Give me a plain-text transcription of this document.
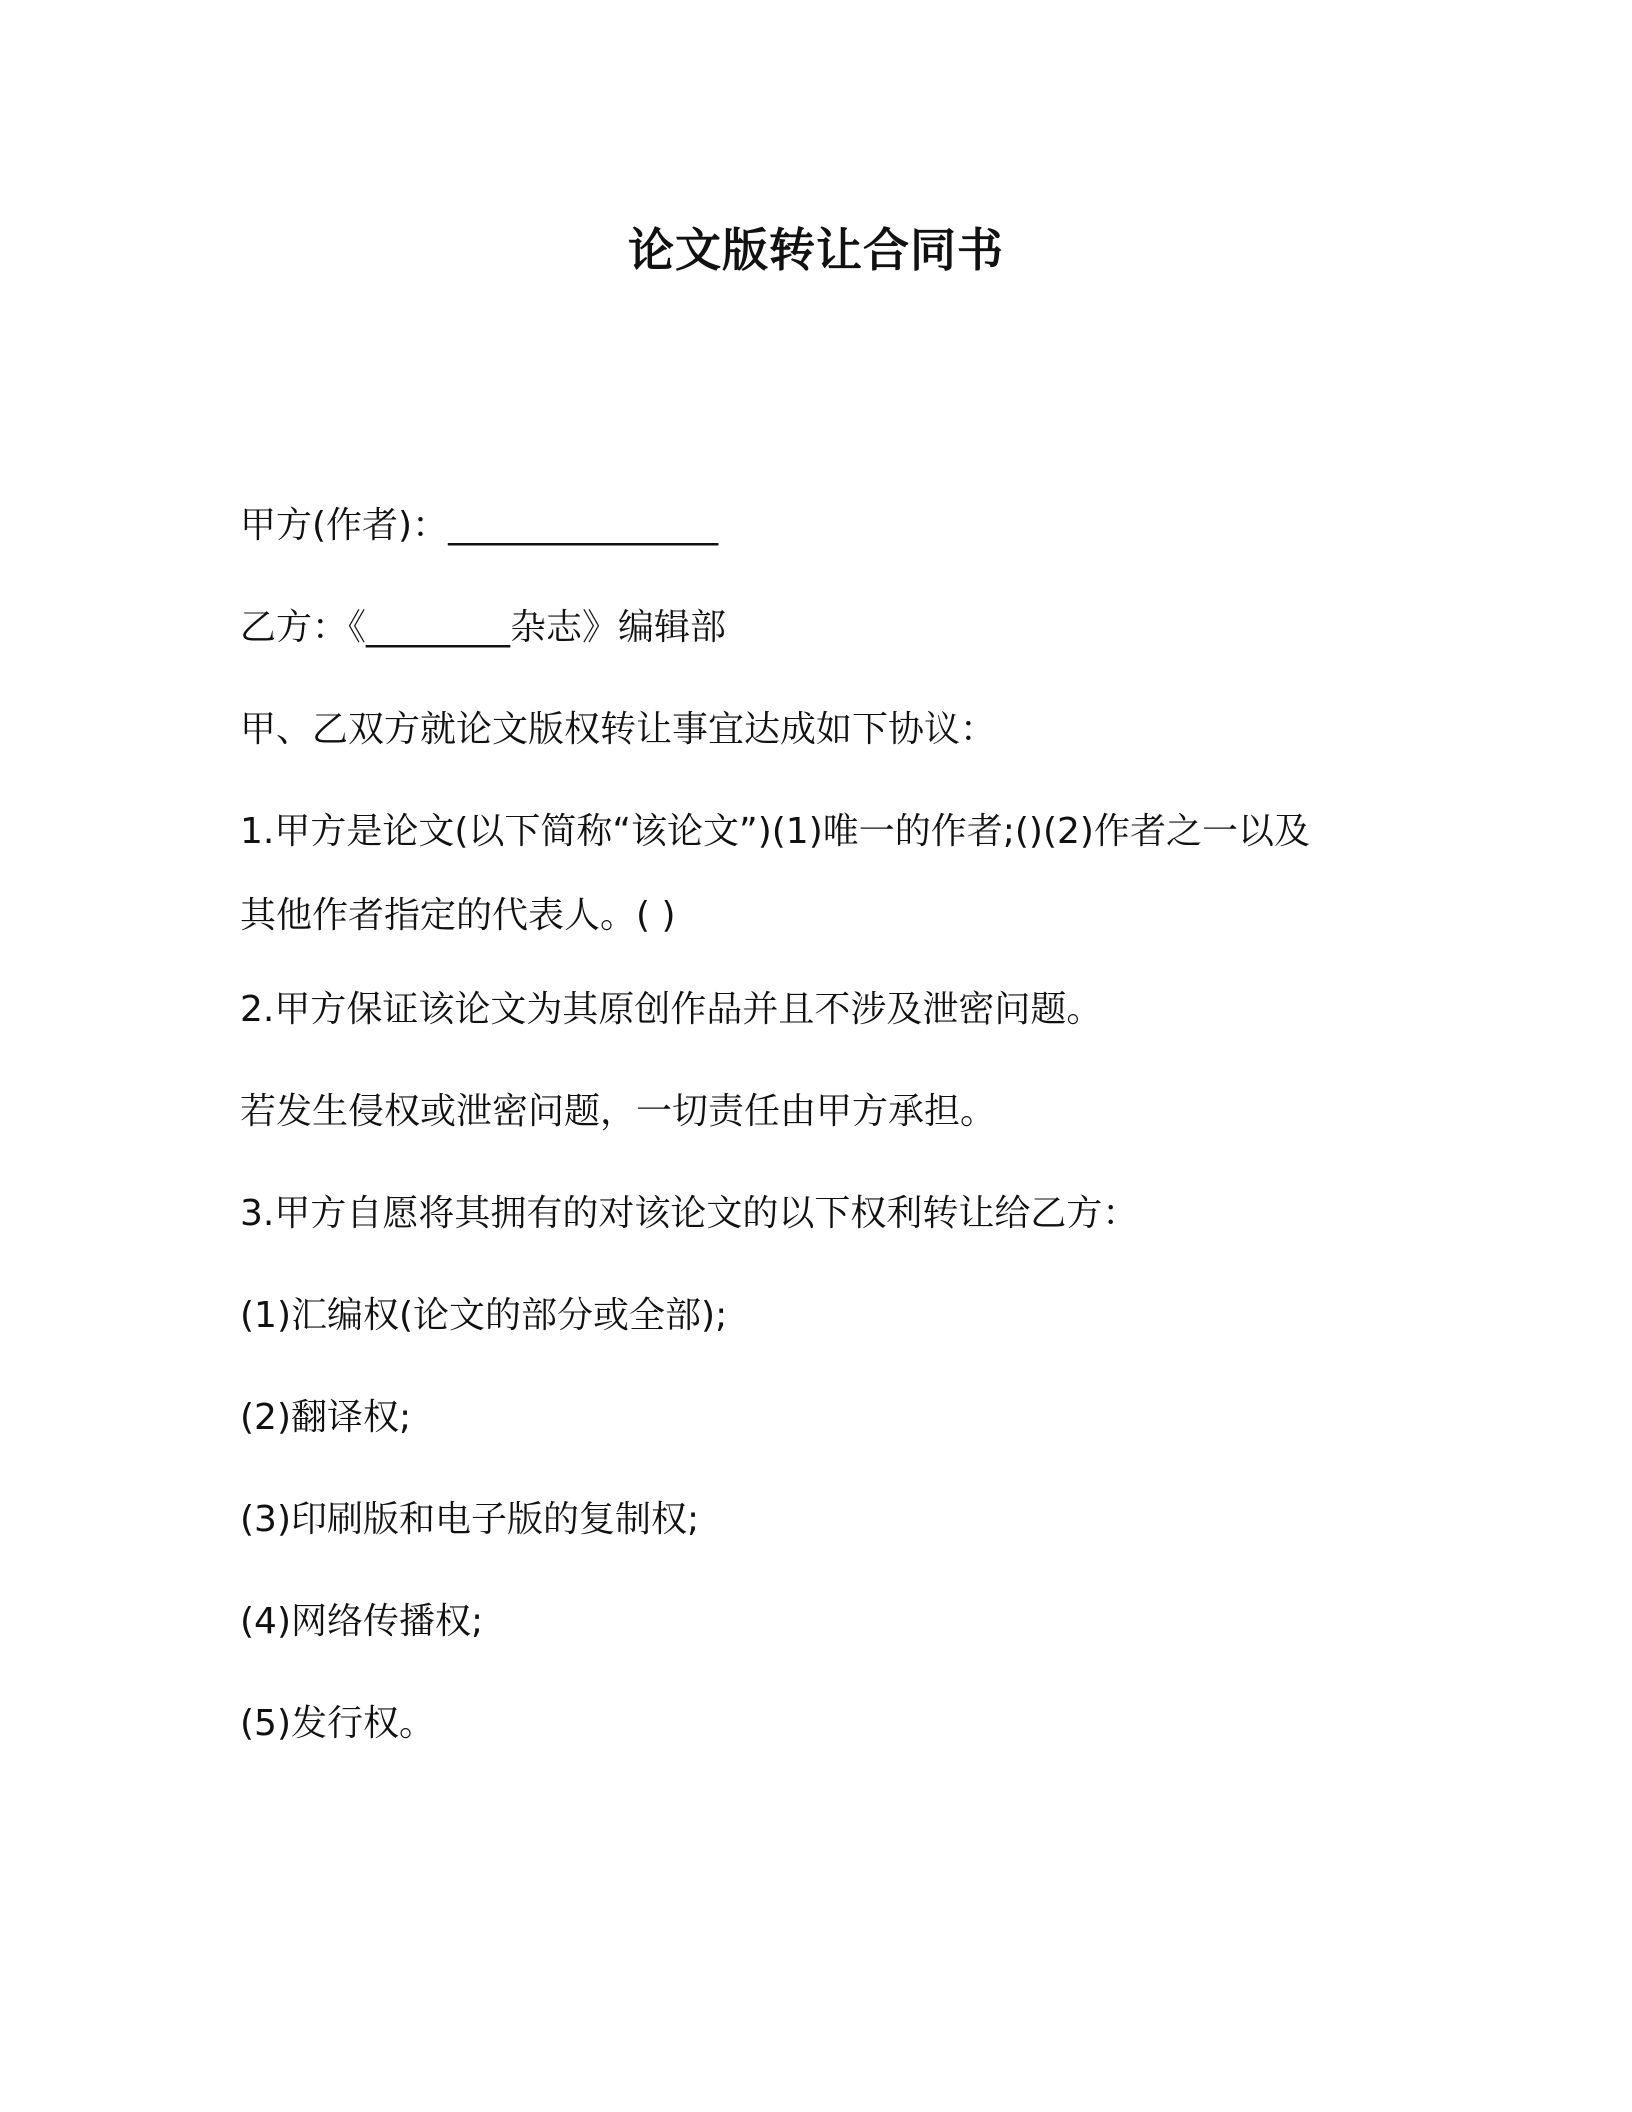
论文版转让合同书
甲方(作者)：_______________
乙方：《________杂志》编辑部
甲、乙双方就论文版权转让事宜达成如下协议：
1.甲方是论文(以下简称“该论文”)(1)唯一的作者;()(2)作者之一以及
其他作者指定的代表人。( )
2.甲方保证该论文为其原创作品并且不涉及泄密问题。
若发生侵权或泄密问题，一切责任由甲方承担。
3.甲方自愿将其拥有的对该论文的以下权利转让给乙方：
(1)汇编权(论文的部分或全部);
(2)翻译权;
(3)印刷版和电子版的复制权;
(4)网络传播权;
(5)发行权。
